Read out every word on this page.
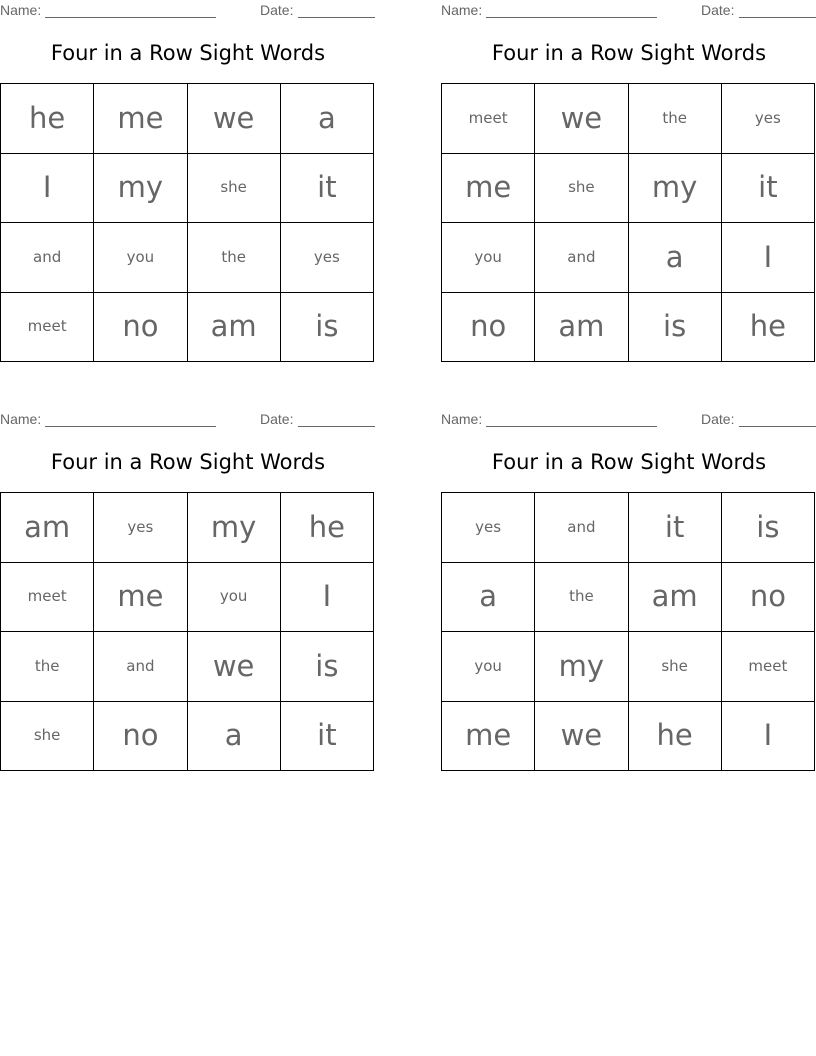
Name:	Date:
Four in a Row Sight Words
he	me	we	a
I	my	she	it
and	you	the	yes
meet	no	am	is
Name:	Date:
Four in a Row Sight Words
meet	we	the	yes
me	she	my	it
you	and	a	I
no	am	is	he
Name:	Date:
Four in a Row Sight Words
am	yes	my	he
meet	me	you	I
the	and	we	is
she	no	a	it
Name:	Date:
Four in a Row Sight Words
yes	and	it	is
a	the	am	no
you	my	she	meet
me	we	he	I
